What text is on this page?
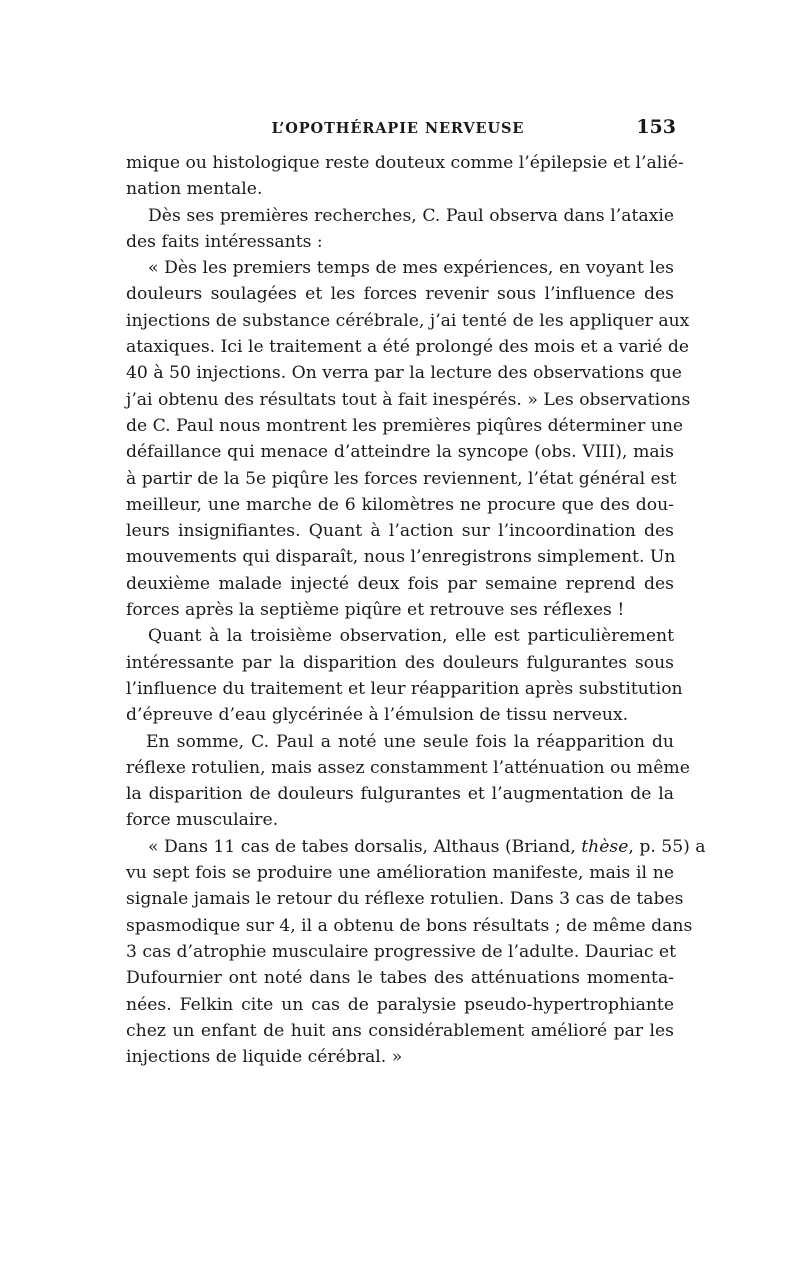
L’OPOTHÉRAPIE NERVEUSE	153
mique ou histologique reste douteux comme l’épilepsie et l’alié-
nation mentale.
Dès ses premières recherches, C. Paul observa dans l’ataxie
des faits intéressants :
« Dès les premiers temps de mes expériences, en voyant les
douleurs soulagées et les forces revenir sous l’influence des
injections de substance cérébrale, j’ai tenté de les appliquer aux
ataxiques. Ici le traitement a été prolongé des mois et a varié de
40 à 50 injections. On verra par la lecture des observations que
j’ai obtenu des résultats tout à fait inespérés. » Les observations
de C. Paul nous montrent les premières piqûres déterminer une
défaillance qui menace d’atteindre la syncope (obs. VIII), mais
à partir de la 5e piqûre les forces reviennent, l’état général est
meilleur, une marche de 6 kilomètres ne procure que des dou-
leurs insignifiantes. Quant à l’action sur l’incoordination des
mouvements qui disparaît, nous l’enregistrons simplement. Un
deuxième malade injecté deux fois par semaine reprend des
forces après la septième piqûre et retrouve ses réflexes !
Quant à la troisième observation, elle est particulièrement
intéressante par la disparition des douleurs fulgurantes sous
l’influence du traitement et leur réapparition après substitution
d’épreuve d’eau glycérinée à l’émulsion de tissu nerveux.
En somme, C. Paul a noté une seule fois la réapparition du
réflexe rotulien, mais assez constamment l’atténuation ou même
la disparition de douleurs fulgurantes et l’augmentation de la
force musculaire.
« Dans 11 cas de tabes dorsalis, Althaus (Briand, thèse, p. 55) a
vu sept fois se produire une amélioration manifeste, mais il ne
signale jamais le retour du réflexe rotulien. Dans 3 cas de tabes
spasmodique sur 4, il a obtenu de bons résultats ; de même dans
3 cas d’atrophie musculaire progressive de l’adulte. Dauriac et
Dufournier ont noté dans le tabes des atténuations momenta-
nées. Felkin cite un cas de paralysie pseudo-hypertrophiante
chez un enfant de huit ans considérablement amélioré par les
injections de liquide cérébral. »
